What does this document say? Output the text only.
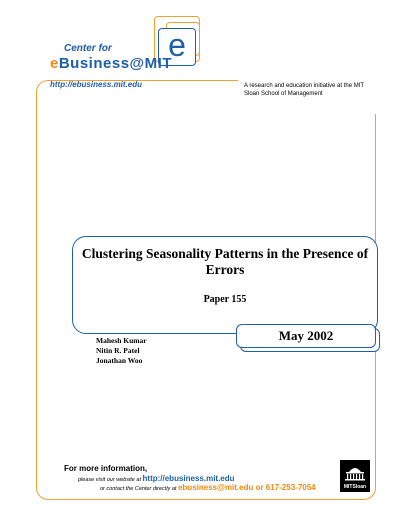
e
Center for
eBusiness@MIT
http://ebusiness.mit.edu	A research and education initiative at the MIT Sloan School of Management
Clustering Seasonality Patterns in the Presence of Errors
Paper 155
May 2002
Mahesh Kumar
Nitin R. Patel
Jonathan Woo
For more information,
please visit our website at http://ebusiness.mit.edu
or contact the Center directly at ebusiness@mit.edu or 617-253-7054	MITSloan
